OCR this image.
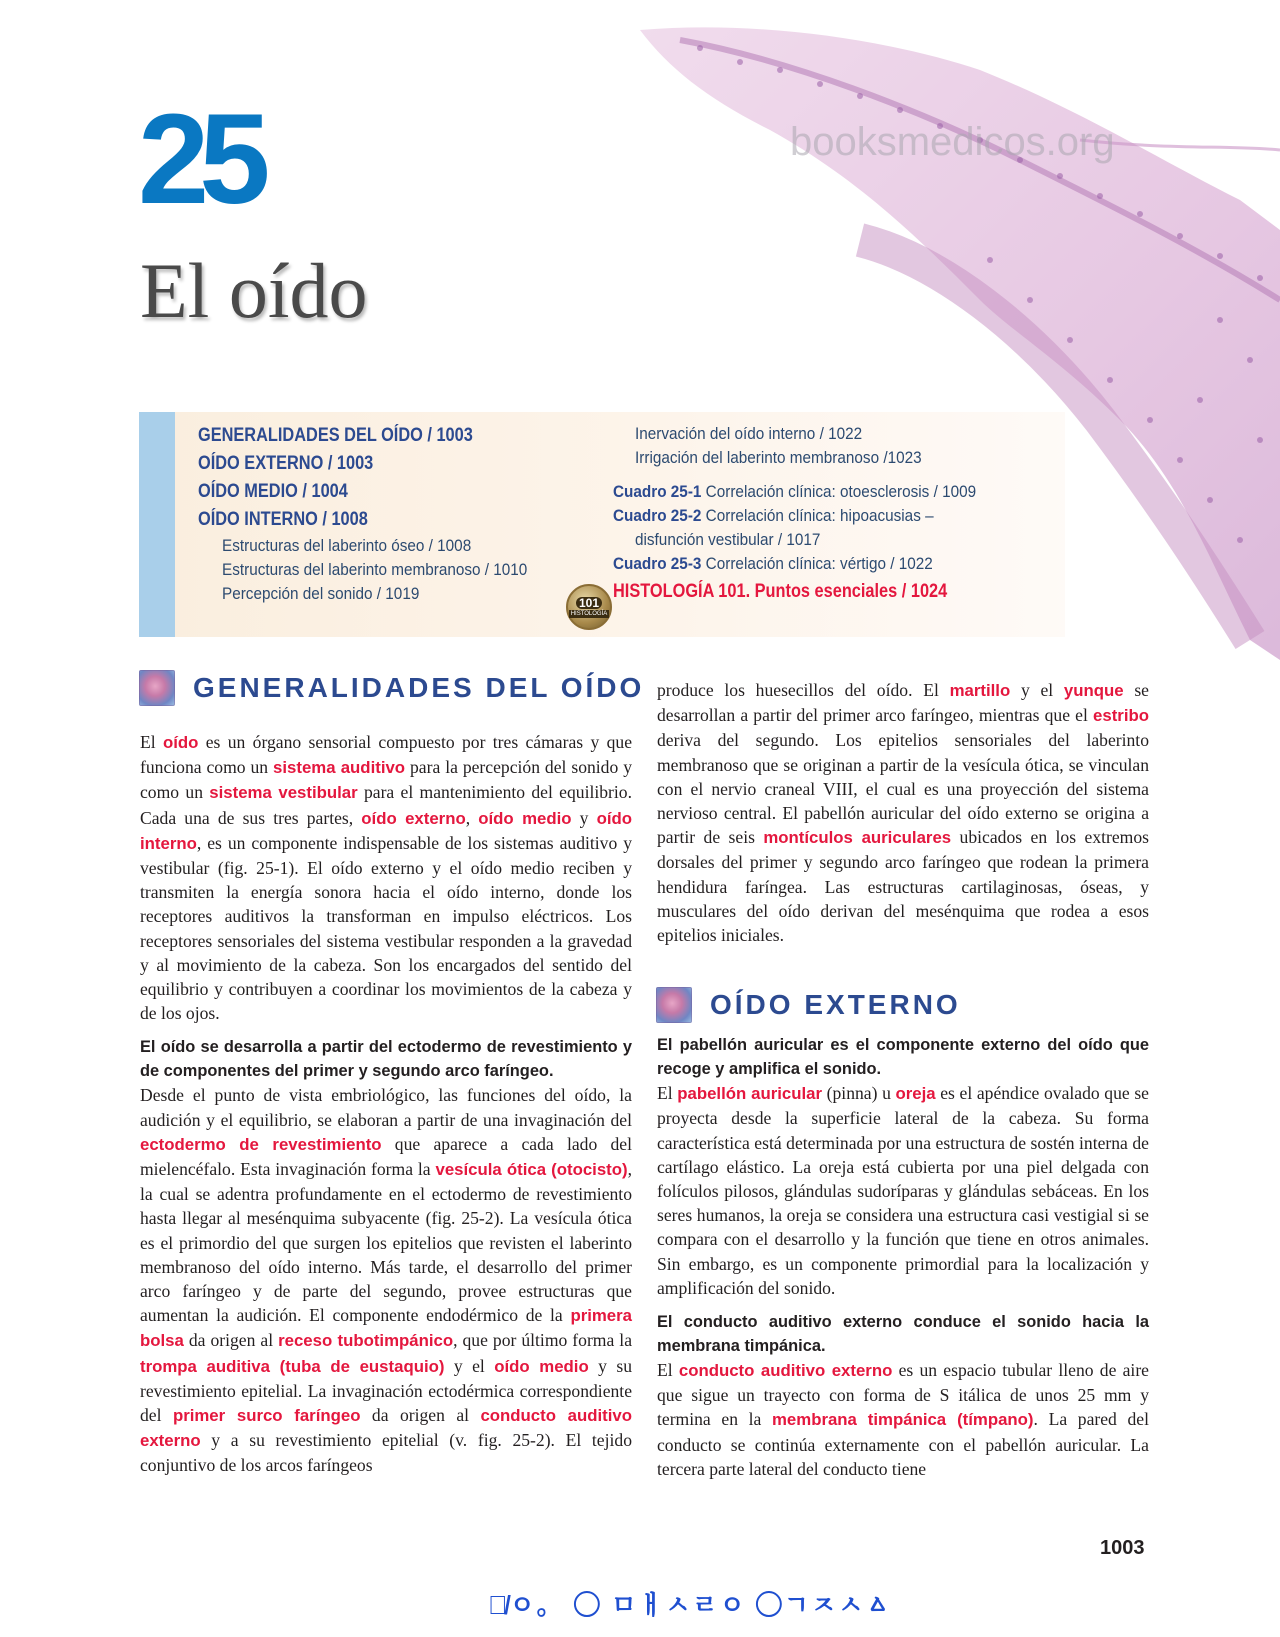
booksmedicos.org
25
El oído
GENERALIDADES DEL OÍDO / 1003
OÍDO EXTERNO / 1003
OÍDO MEDIO / 1004
OÍDO INTERNO / 1008
Estructuras del laberinto óseo / 1008
Estructuras del laberinto membranoso / 1010
Percepción del sonido / 1019
Inervación del oído interno / 1022
Irrigación del laberinto membranoso /1023
Cuadro 25-1 Correlación clínica: otoesclerosis / 1009
Cuadro 25-2 Correlación clínica: hipoacusias –
disfunción vestibular / 1017
Cuadro 25-3 Correlación clínica: vértigo / 1022
HISTOLOGÍA 101. Puntos esenciales / 1024
101
HISTOLOGÍA
GENERALIDADES DEL OÍDO

El oído es un órgano sensorial compuesto por tres cámaras y que funciona como un sistema auditivo para la percepción del sonido y como un sistema vestibular para el mantenimiento del equilibrio. Cada una de sus tres partes, oído externo, oído medio y oído interno, es un componente indispensable de los sistemas auditivo y vestibular (fig. 25-1). El oído externo y el oído medio reciben y transmiten la energía sonora hacia el oído interno, donde los receptores auditivos la transforman en impulso eléctricos. Los receptores sensoriales del sistema vestibular responden a la gravedad y al movimiento de la cabeza. Son los encargados del sentido del equilibrio y contribuyen a coordinar los movimientos de la cabeza y de los ojos.

El oído se desarrolla a partir del ectodermo de revestimiento y de componentes del primer y segundo arco faríngeo.

Desde el punto de vista embriológico, las funciones del oído, la audición y el equilibrio, se elaboran a partir de una invaginación del ectodermo de revestimiento que aparece a cada lado del mielencéfalo. Esta invaginación forma la vesícula ótica (otocisto), la cual se adentra profundamente en el ectodermo de revestimiento hasta llegar al mesénquima subyacente (fig. 25-2). La vesícula ótica es el primordio del que surgen los epitelios que revisten el laberinto membranoso del oído interno. Más tarde, el desarrollo del primer arco faríngeo y de parte del segundo, provee estructuras que aumentan la audición. El componente endodérmico de la primera bolsa da origen al receso tubotimpánico, que por último forma la trompa auditiva (tuba de eustaquio) y el oído medio y su revestimiento epitelial. La invaginación ectodérmica correspondiente del primer surco faríngeo da origen al conducto auditivo externo y a su revestimiento epitelial (v. fig. 25-2). El tejido conjuntivo de los arcos faríngeos

produce los huesecillos del oído. El martillo y el yunque se desarrollan a partir del primer arco faríngeo, mientras que el estribo deriva del segundo. Los epitelios sensoriales del laberinto membranoso que se originan a partir de la vesícula ótica, se vinculan con el nervio craneal VIII, el cual es una proyección del sistema nervioso central. El pabellón auricular del oído externo se origina a partir de seis montículos auriculares ubicados en los extremos dorsales del primer y segundo arco faríngeo que rodean la primera hendidura faríngea. Las estructuras cartilaginosas, óseas, y musculares del oído derivan del mesénquima que rodea a esos epitelios iniciales.

El pabellón auricular es el componente externo del oído que recoge y amplifica el sonido.

El pabellón auricular (pinna) u oreja es el apéndice ovalado que se proyecta desde la superficie lateral de la cabeza. Su forma característica está determinada por una estructura de sostén interna de cartílago elástico. La oreja está cubierta por una piel delgada con folículos pilosos, glándulas sudoríparas y glándulas sebáceas. En los seres humanos, la oreja se considera una estructura casi vestigial si se compara con el desarrollo y la función que tiene en otros animales. Sin embargo, es un componente primordial para la localización y amplificación del sonido.

El conducto auditivo externo conduce el sonido hacia la membrana timpánica.

El conducto auditivo externo es un espacio tubular lleno de aire que sigue un trayecto con forma de S itálica de unos 25 mm y termina en la membrana timpánica (tímpano). La pared del conducto se continúa externamente con el pabellón auricular. La tercera parte lateral del conducto tiene

OÍDO EXTERNO
1003
ㄹ̸ㅇ。 ◯ ㅁㅐㅅㄹㅇ ◯ㄱㅈㅅㅿ
